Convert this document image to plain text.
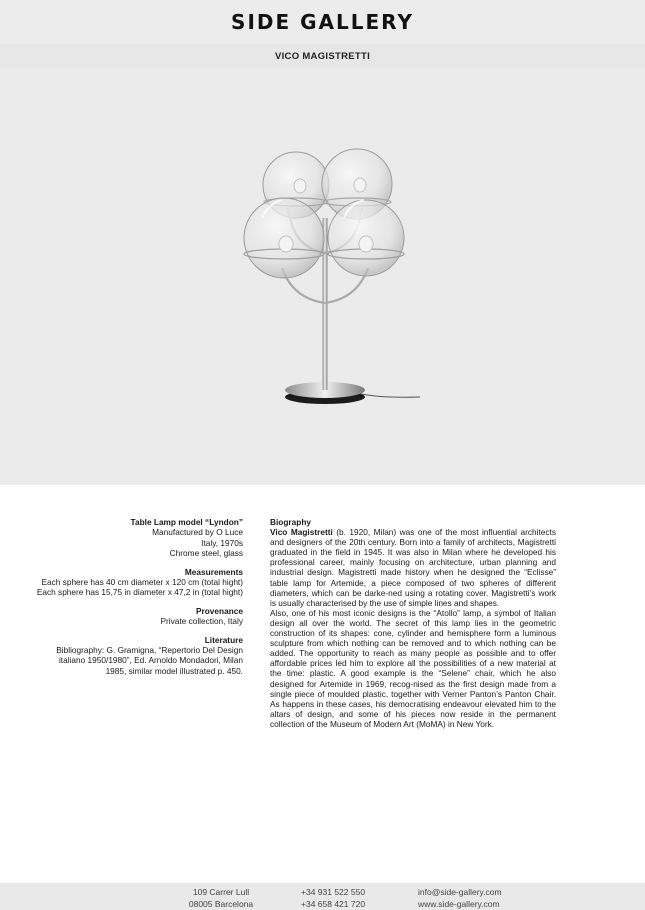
SIDE GALLERY
VICO MAGISTRETTI
Table Lamp model “Lyndon”
Manufactured by O Luce
Italy, 1970s
Chrome steel, glass
Measurements
Each sphere has 40 cm diameter x 120 cm (total hight)
Each sphere has 15,75 in diameter x 47,2 in (total hight)
Provenance
Private collection, Italy
Literature
Bibliography: G. Gramigna, “Repertorio Del Design
italiano 1950/1980”, Ed. Arnoldo Mondadori, Milan
1985, similar model illustrated p. 450.
Biography

Vico Magistretti (b. 1920, Milan) was one of the most influential architects and designers of the 20th century. Born into a family of architects, Magistretti graduated in the field in 1945. It was also in Milan where he developed his professional career, mainly focusing on architecture, urban planning and industrial design. Magistretti made history when he designed the “Eclisse” table lamp for Artemide, a piece composed of two spheres of different diameters, which can be darke-ned using a rotating cover. Magistretti’s work is usually characterised by the use of simple lines and shapes.

Also, one of his most iconic designs is the “Atollo” lamp, a symbol of Italian design all over the world. The secret of this lamp lies in the geometric construction of its shapes: cone, cylinder and hemisphere form a luminous sculpture from which nothing can be removed and to which nothing can be added. The opportunity to reach as many people as possible and to offer affordable prices led him to explore all the possibilities of a new material at the time: plastic. A good example is the “Selene” chair, which he also designed for Artemide in 1969, recog-nised as the first design made from a single piece of moulded plastic, together with Verner Panton’s Panton Chair. As happens in these cases, his democratising endeavour elevated him to the altars of design, and some of his pieces now reside in the permanent collection of the Museum of Modern Art (MoMA) in New York.

109 Carrer Lull
08005 Barcelona
+34 931 522 550
+34 658 421 720
info@side-gallery.com
www.side-gallery.com
